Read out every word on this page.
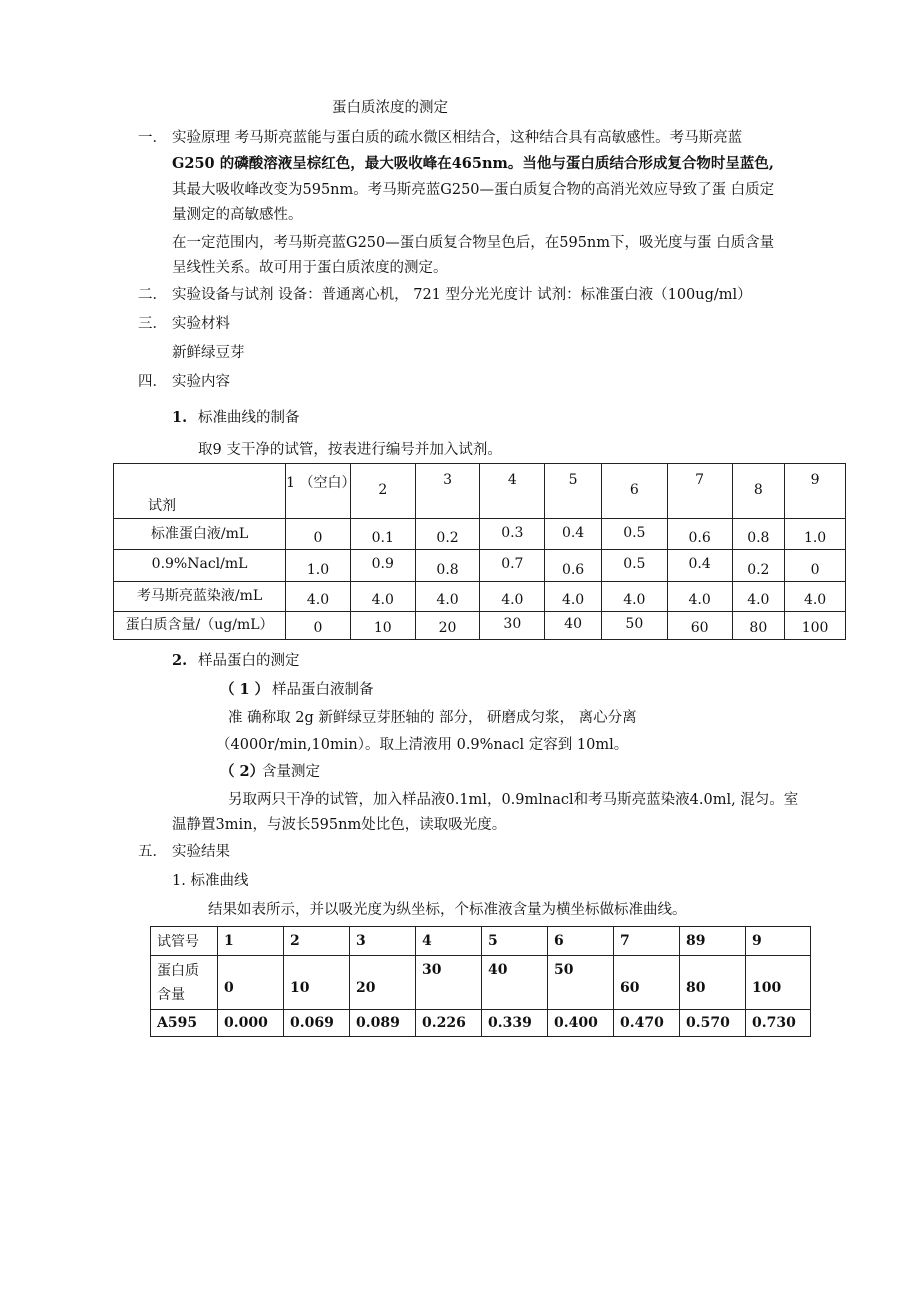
蛋白质浓度的测定
一． 实验原理 考马斯亮蓝能与蛋白质的疏水微区相结合，这种结合具有高敏感性。考马斯亮蓝
G250 的磷酸溶液呈棕红色，最大吸收峰在465nm。当他与蛋白质结合形成复合物时呈蓝色,
其最大吸收峰改变为595nm。考马斯亮蓝G250—蛋白质复合物的高消光效应导致了蛋 白质定
量测定的高敏感性。
在一定范围内，考马斯亮蓝G250—蛋白质复合物呈色后，在595nm下，吸光度与蛋 白质含量
呈线性关系。故可用于蛋白质浓度的测定。
二． 实验设备与试剂 设备：普通离心机， 721 型分光光度计 试剂：标准蛋白液（100ug/ml）
三． 实验材料
新鲜绿豆芽
四． 实验内容
1. 标准曲线的制备
取9 支干净的试管，按表进行编号并加入试剂。
试剂	1 （空白）	2	3	4	5	6	7	8	9
标准蛋白液/mL	0	0.1	0.2	0.3	0.4	0.5	0.6	0.8	1.0
0.9%Nacl/mL	1.0	0.9	0.8	0.7	0.6	0.5	0.4	0.2	0
考马斯亮蓝染液/mL	4.0	4.0	4.0	4.0	4.0	4.0	4.0	4.0	4.0
蛋白质含量/（ug/mL）	0	10	20	30	40	50	60	80	100
2. 样品蛋白的测定
（ 1 ） 样品蛋白液制备
准 确称取 2g 新鲜绿豆芽胚轴的 部分， 研磨成匀浆， 离心分离
（4000r/min,10min）。取上清液用 0.9%nacl 定容到 10ml。
（ 2）
含量测定
另取两只干净的试管，加入样品液0.1ml，0.9mlnacl和考马斯亮蓝染液4.0ml, 混匀。室
温静置3min，与波长595nm处比色，读取吸光度。
五． 实验结果
1. 标准曲线
结果如表所示，并以吸光度为纵坐标，个标准液含量为横坐标做标准曲线。
试管号	1	2	3	4	5	6	7	89	9

蛋白质
含量	0	10	20	30	40	50	60	80	100
A595	0.000	0.069	0.089	0.226	0.339	0.400	0.470	0.570	0.730
